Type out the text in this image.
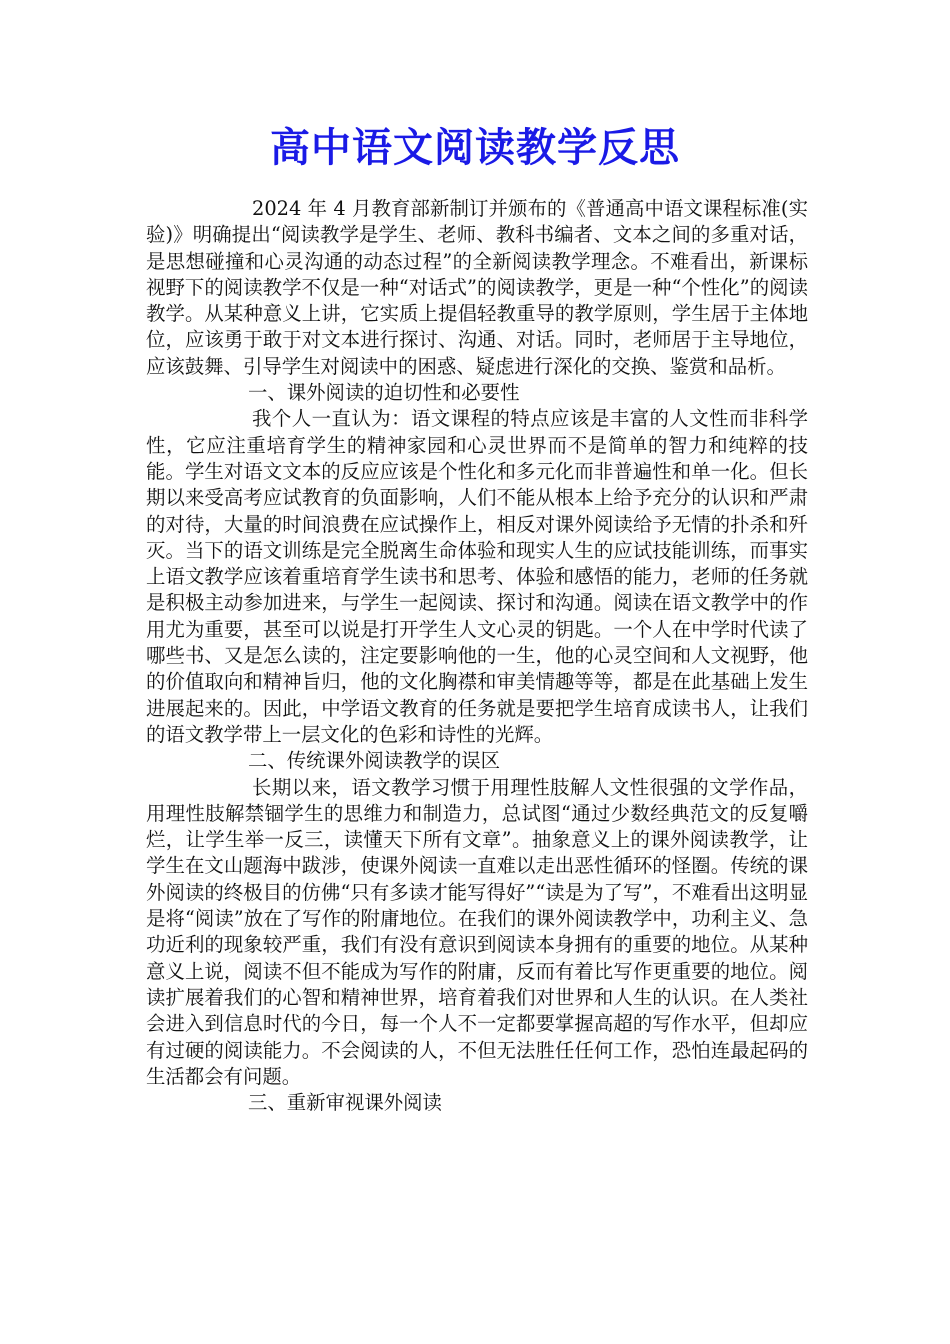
高中语文阅读教学反思

2024 年 4 月教育部新制订并颁布的《普通高中语文课程标准(实验)》明确提出“阅读教学是学生、老师、教科书编者、文本之间的多重对话，是思想碰撞和心灵沟通的动态过程”的全新阅读教学理念。不难看出，新课标视野下的阅读教学不仅是一种“对话式”的阅读教学，更是一种“个性化”的阅读教学。从某种意义上讲，它实质上提倡轻教重导的教学原则，学生居于主体地位，应该勇于敢于对文本进行探讨、沟通、对话。同时，老师居于主导地位，应该鼓舞、引导学生对阅读中的困惑、疑虑进行深化的交换、鉴赏和品析。

一、课外阅读的迫切性和必要性

我个人一直认为：语文课程的特点应该是丰富的人文性而非科学性，它应注重培育学生的精神家园和心灵世界而不是简单的智力和纯粹的技能。学生对语文文本的反应应该是个性化和多元化而非普遍性和单一化。但长期以来受高考应试教育的负面影响，人们不能从根本上给予充分的认识和严肃的对待，大量的时间浪费在应试操作上，相反对课外阅读给予无情的扑杀和歼灭。当下的语文训练是完全脱离生命体验和现实人生的应试技能训练，而事实上语文教学应该着重培育学生读书和思考、体验和感悟的能力，老师的任务就是积极主动参加进来，与学生一起阅读、探讨和沟通。阅读在语文教学中的作用尤为重要，甚至可以说是打开学生人文心灵的钥匙。一个人在中学时代读了哪些书、又是怎么读的，注定要影响他的一生，他的心灵空间和人文视野，他的价值取向和精神旨归，他的文化胸襟和审美情趣等等，都是在此基础上发生进展起来的。因此，中学语文教育的任务就是要把学生培育成读书人，让我们的语文教学带上一层文化的色彩和诗性的光辉。

二、传统课外阅读教学的误区

长期以来，语文教学习惯于用理性肢解人文性很强的文学作品，用理性肢解禁锢学生的思维力和制造力，总试图“通过少数经典范文的反复嚼烂，让学生举一反三，读懂天下所有文章”。抽象意义上的课外阅读教学，让学生在文山题海中跋涉，使课外阅读一直难以走出恶性循环的怪圈。传统的课外阅读的终极目的仿佛“只有多读才能写得好”“读是为了写”，不难看出这明显是将“阅读”放在了写作的附庸地位。在我们的课外阅读教学中，功利主义、急功近利的现象较严重，我们有没有意识到阅读本身拥有的重要的地位。从某种意义上说，阅读不但不能成为写作的附庸，反而有着比写作更重要的地位。阅读扩展着我们的心智和精神世界，培育着我们对世界和人生的认识。在人类社会进入到信息时代的今日，每一个人不一定都要掌握高超的写作水平，但却应有过硬的阅读能力。不会阅读的人，不但无法胜任任何工作，恐怕连最起码的生活都会有问题。

三、重新审视课外阅读
